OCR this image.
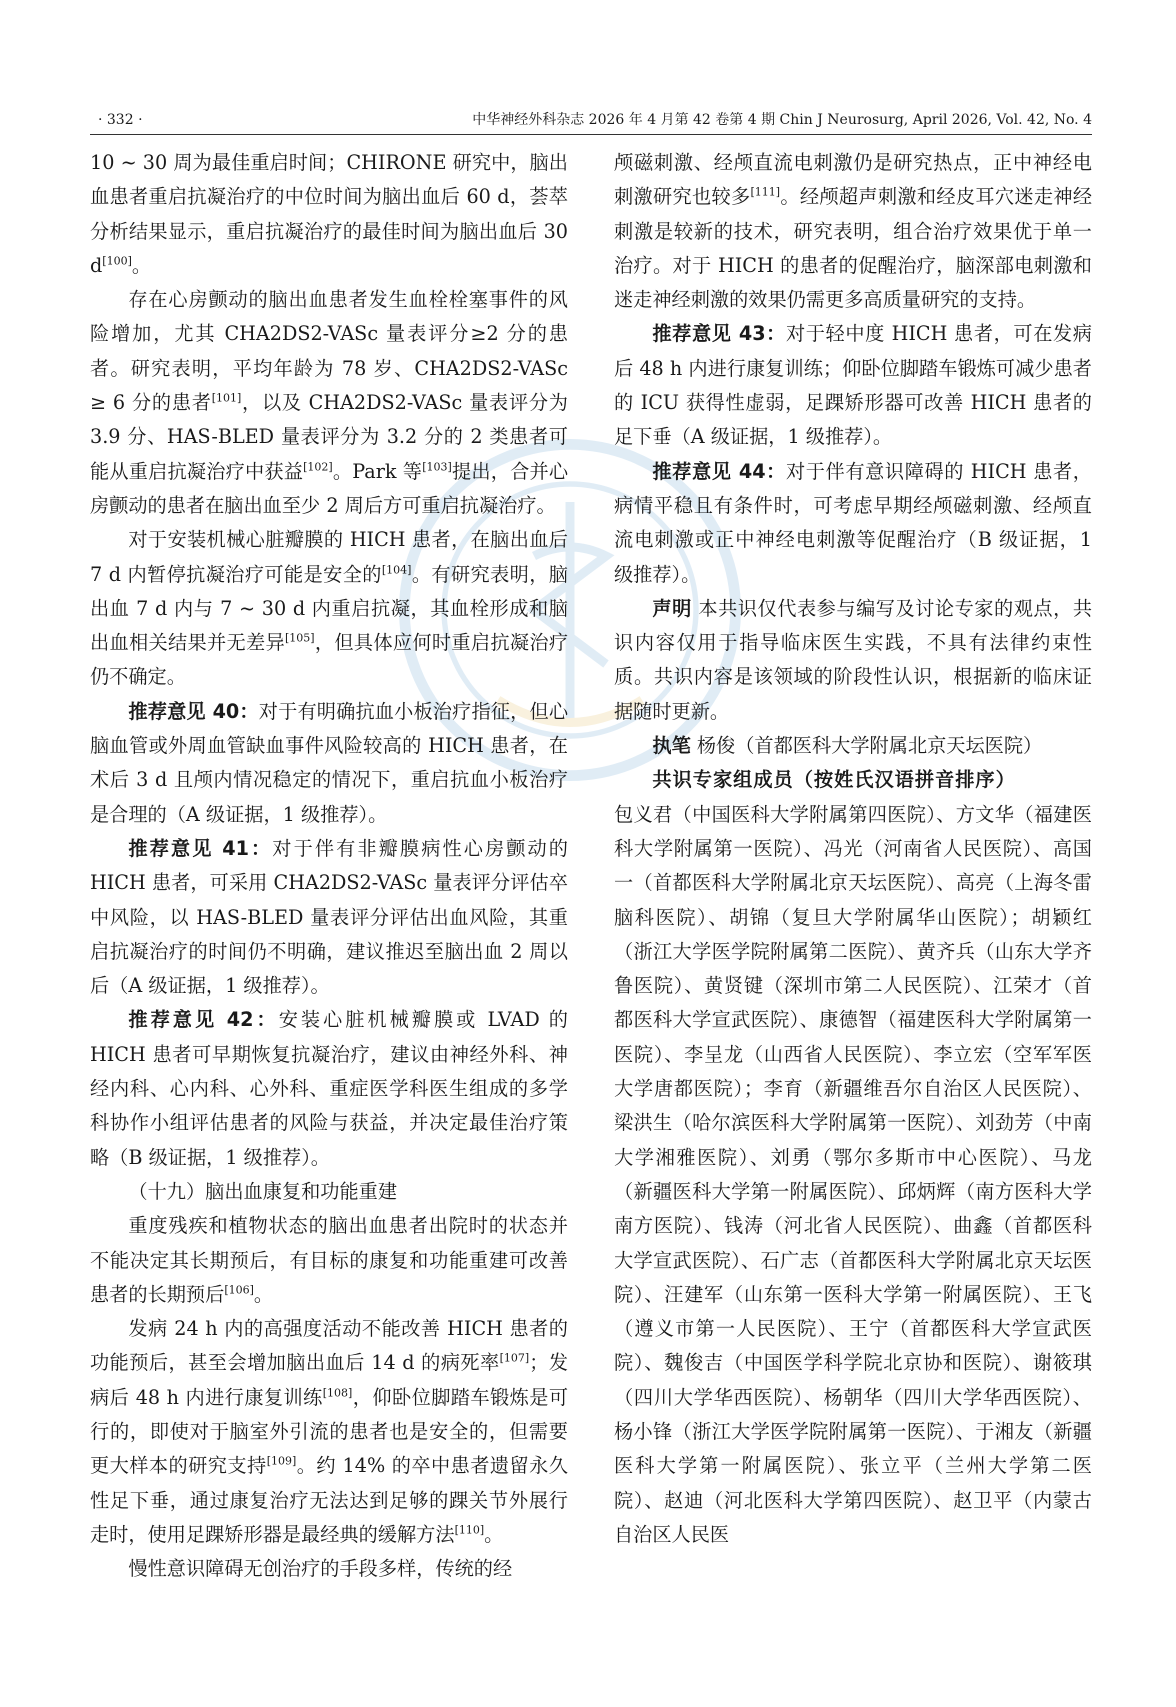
· 332 ·	中华神经外科杂志 2026 年 4 月第 42 卷第 4 期 Chin J Neurosurg, April 2026, Vol. 42, No. 4

10 ~ 30 周为最佳重启时间；CHIRONE 研究中，脑出血患者重启抗凝治疗的中位时间为脑出血后 60 d，荟萃分析结果显示，重启抗凝治疗的最佳时间为脑出血后 30 d[100]。

存在心房颤动的脑出血患者发生血栓栓塞事件的风险增加，尤其 CHA2DS2-VASc 量表评分≥2 分的患者。研究表明，平均年龄为 78 岁、CHA2DS2-VASc ≥ 6 分的患者[101]，以及 CHA2DS2-VASc 量表评分为 3.9 分、HAS-BLED 量表评分为 3.2 分的 2 类患者可能从重启抗凝治疗中获益[102]。Park 等[103]提出，合并心房颤动的患者在脑出血至少 2 周后方可重启抗凝治疗。

对于安装机械心脏瓣膜的 HICH 患者，在脑出血后 7 d 内暂停抗凝治疗可能是安全的[104]。有研究表明，脑出血 7 d 内与 7 ~ 30 d 内重启抗凝，其血栓形成和脑出血相关结果并无差异[105]，但具体应何时重启抗凝治疗仍不确定。

推荐意见 40：对于有明确抗血小板治疗指征，但心脑血管或外周血管缺血事件风险较高的 HICH 患者，在术后 3 d 且颅内情况稳定的情况下，重启抗血小板治疗是合理的（A 级证据，1 级推荐）。

推荐意见 41：对于伴有非瓣膜病性心房颤动的 HICH 患者，可采用 CHA2DS2-VASc 量表评分评估卒中风险，以 HAS-BLED 量表评分评估出血风险，其重启抗凝治疗的时间仍不明确，建议推迟至脑出血 2 周以后（A 级证据，1 级推荐）。

推荐意见 42：安装心脏机械瓣膜或 LVAD 的 HICH 患者可早期恢复抗凝治疗，建议由神经外科、神经内科、心内科、心外科、重症医学科医生组成的多学科协作小组评估患者的风险与获益，并决定最佳治疗策略（B 级证据，1 级推荐）。

（十九）脑出血康复和功能重建

重度残疾和植物状态的脑出血患者出院时的状态并不能决定其长期预后，有目标的康复和功能重建可改善患者的长期预后[106]。

发病 24 h 内的高强度活动不能改善 HICH 患者的功能预后，甚至会增加脑出血后 14 d 的病死率[107]；发病后 48 h 内进行康复训练[108]，仰卧位脚踏车锻炼是可行的，即使对于脑室外引流的患者也是安全的，但需要更大样本的研究支持[109]。约 14% 的卒中患者遗留永久性足下垂，通过康复治疗无法达到足够的踝关节外展行走时，使用足踝矫形器是最经典的缓解方法[110]。

慢性意识障碍无创治疗的手段多样，传统的经

颅磁刺激、经颅直流电刺激仍是研究热点，正中神经电刺激研究也较多[111]。经颅超声刺激和经皮耳穴迷走神经刺激是较新的技术，研究表明，组合治疗效果优于单一治疗。对于 HICH 的患者的促醒治疗，脑深部电刺激和迷走神经刺激的效果仍需更多高质量研究的支持。

推荐意见 43：对于轻中度 HICH 患者，可在发病后 48 h 内进行康复训练；仰卧位脚踏车锻炼可减少患者的 ICU 获得性虚弱，足踝矫形器可改善 HICH 患者的足下垂（A 级证据，1 级推荐）。

推荐意见 44：对于伴有意识障碍的 HICH 患者，病情平稳且有条件时，可考虑早期经颅磁刺激、经颅直流电刺激或正中神经电刺激等促醒治疗（B 级证据，1 级推荐）。

声明 本共识仅代表参与编写及讨论专家的观点，共识内容仅用于指导临床医生实践，不具有法律约束性质。共识内容是该领域的阶段性认识，根据新的临床证据随时更新。

执笔 杨俊（首都医科大学附属北京天坛医院）

共识专家组成员（按姓氏汉语拼音排序）

包义君（中国医科大学附属第四医院）、方文华（福建医科大学附属第一医院）、冯光（河南省人民医院）、高国一（首都医科大学附属北京天坛医院）、高亮（上海冬雷脑科医院）、胡锦（复旦大学附属华山医院）；胡颖红（浙江大学医学院附属第二医院）、黄齐兵（山东大学齐鲁医院）、黄贤键（深圳市第二人民医院）、江荣才（首都医科大学宣武医院）、康德智（福建医科大学附属第一医院）、李呈龙（山西省人民医院）、李立宏（空军军医大学唐都医院）；李育（新疆维吾尔自治区人民医院）、梁洪生（哈尔滨医科大学附属第一医院）、刘劲芳（中南大学湘雅医院）、刘勇（鄂尔多斯市中心医院）、马龙（新疆医科大学第一附属医院）、邱炳辉（南方医科大学南方医院）、钱涛（河北省人民医院）、曲鑫（首都医科大学宣武医院）、石广志（首都医科大学附属北京天坛医院）、汪建军（山东第一医科大学第一附属医院）、王飞（遵义市第一人民医院）、王宁（首都医科大学宣武医院）、魏俊吉（中国医学科学院北京协和医院）、谢筱琪（四川大学华西医院）、杨朝华（四川大学华西医院）、杨小锋（浙江大学医学院附属第一医院）、于湘友（新疆医科大学第一附属医院）、张立平（兰州大学第二医院）、赵迪（河北医科大学第四医院）、赵卫平（内蒙古自治区人民医
